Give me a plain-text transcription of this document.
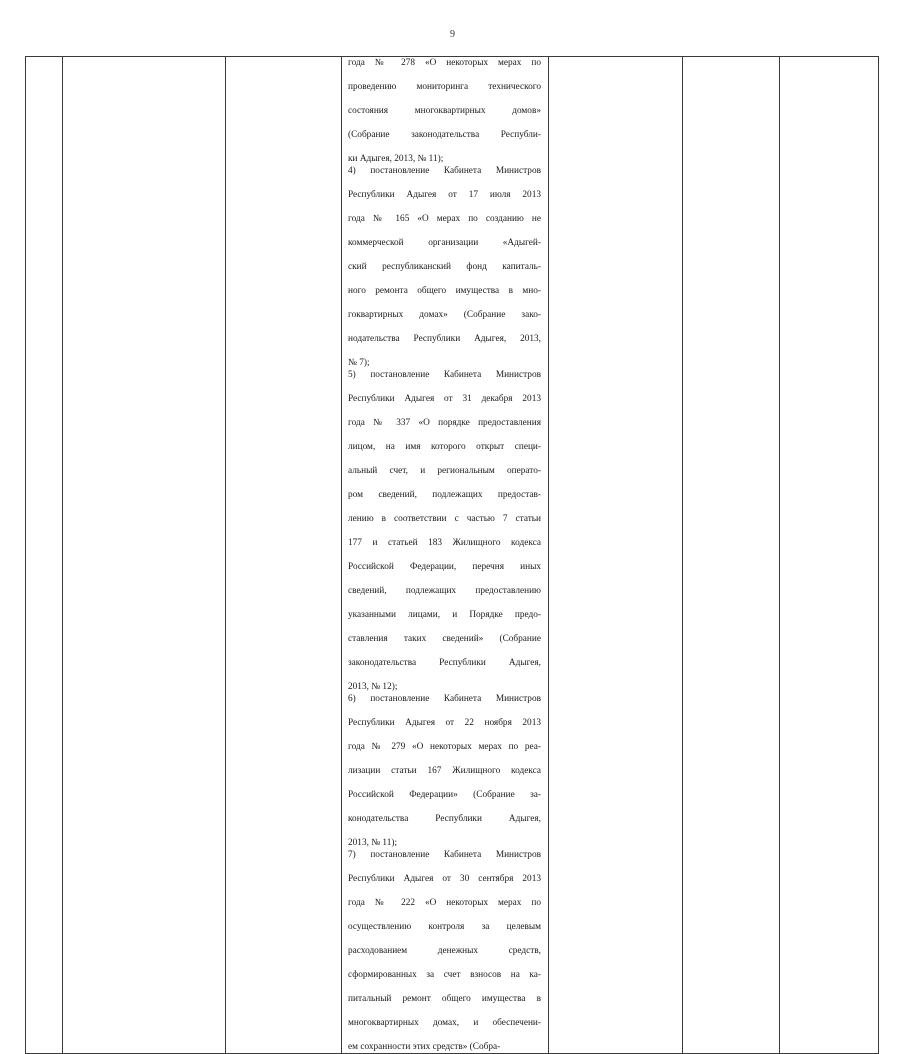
9

года № 278 «О некоторых мерах по
проведению мониторинга технического
состояния многоквартирных домов»
(Собрание законодательства Республи-
ки Адыгея, 2013, № 11);
4) постановление Кабинета Министров
Республики Адыгея от 17 июля 2013
года № 165 «О мерах по созданию не
коммерческой организации «Адыгей-
ский республиканский фонд капиталь-
ного ремонта общего имущества в мно-
гоквартирных домах» (Собрание зако-
нодательства Республики Адыгея, 2013,
№ 7);
5) постановление Кабинета Министров
Республики Адыгея от 31 декабря 2013
года № 337 «О порядке предоставления
лицом, на имя которого открыт специ-
альный счет, и региональным операто-
ром сведений, подлежащих предостав-
лению в соответствии с частью 7 статьи
177 и статьей 183 Жилищного кодекса
Российской Федерации, перечня иных
сведений, подлежащих предоставлению
указанными лицами, и Порядке предо-
ставления таких сведений» (Собрание
законодательства Республики Адыгея,
2013, № 12);
6) постановление Кабинета Министров
Республики Адыгея от 22 ноября 2013
года № 279 «О некоторых мерах по реа-
лизации статьи 167 Жилищного кодекса
Российской Федерации» (Собрание за-
конодательства Республики Адыгея,
2013, № 11);
7) постановление Кабинета Министров
Республики Адыгея от 30 сентября 2013
года № 222 «О некоторых мерах по
осуществлению контроля за целевым
расходованием денежных средств,
сформированных за счет взносов на ка-
питальный ремонт общего имущества в
многоквартирных домах, и обеспечени-
ем сохранности этих средств» (Собра-
